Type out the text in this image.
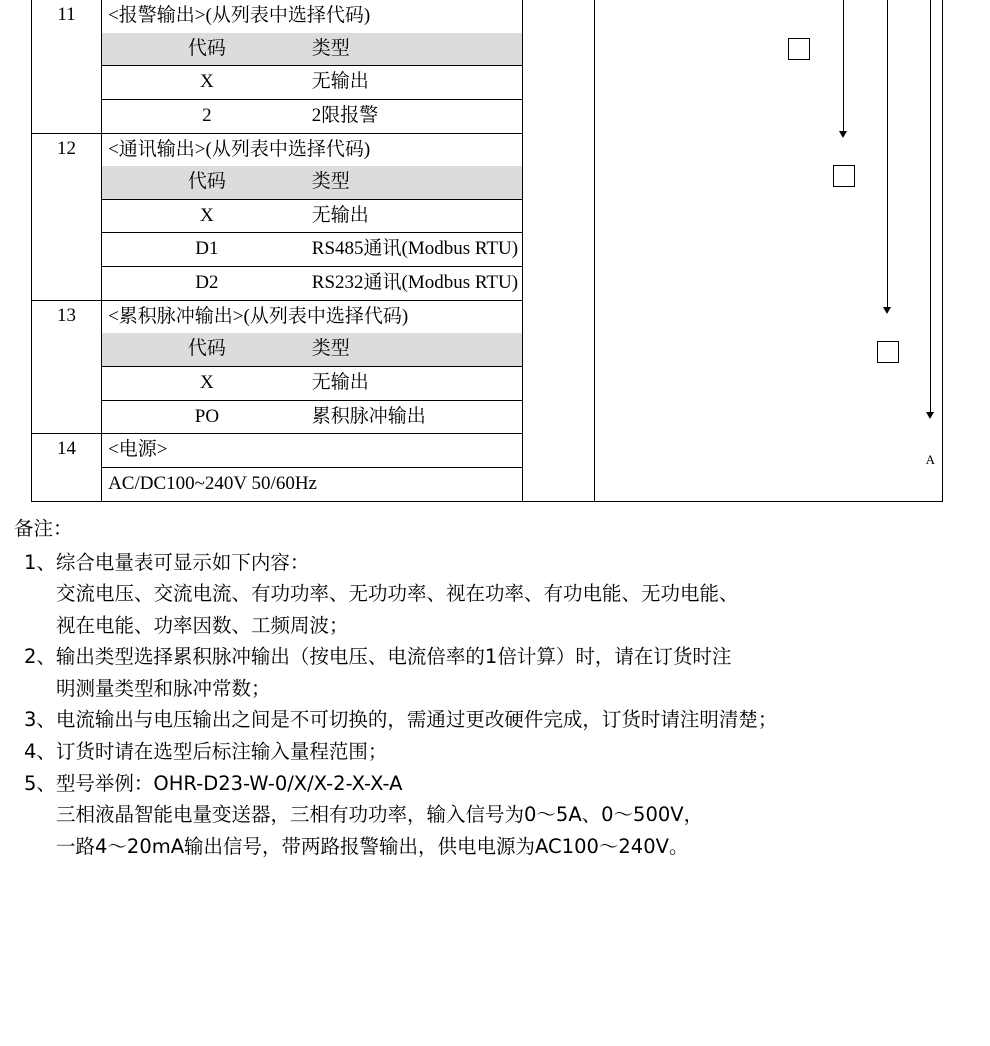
11	<报警输出>(从列表中选择代码)
代码	类型
X	无输出
2	2限报警

A

12	<通讯输出>(从列表中选择代码)
代码	类型
X	无输出
D1	RS485通讯(Modbus RTU)
D2	RS232通讯(Modbus RTU)

13	<累积脉冲输出>(从列表中选择代码)
代码	类型
X	无输出
PO	累积脉冲输出

14	<电源>
AC/DC100~240V 50/60Hz
备注：
1、综合电量表可显示如下内容：
交流电压、交流电流、有功功率、无功功率、视在功率、有功电能、无功电能、
视在电能、功率因数、工频周波；
2、输出类型选择累积脉冲输出（按电压、电流倍率的1倍计算）时，请在订货时注
明测量类型和脉冲常数；
3、电流输出与电压输出之间是不可切换的，需通过更改硬件完成，订货时请注明清楚；
4、订货时请在选型后标注输入量程范围；
5、型号举例：OHR-D23-W-0/X/X-2-X-X-A
三相液晶智能电量变送器，三相有功功率，输入信号为0～5A、0～500V，
一路4～20mA输出信号，带两路报警输出，供电电源为AC100～240V。
